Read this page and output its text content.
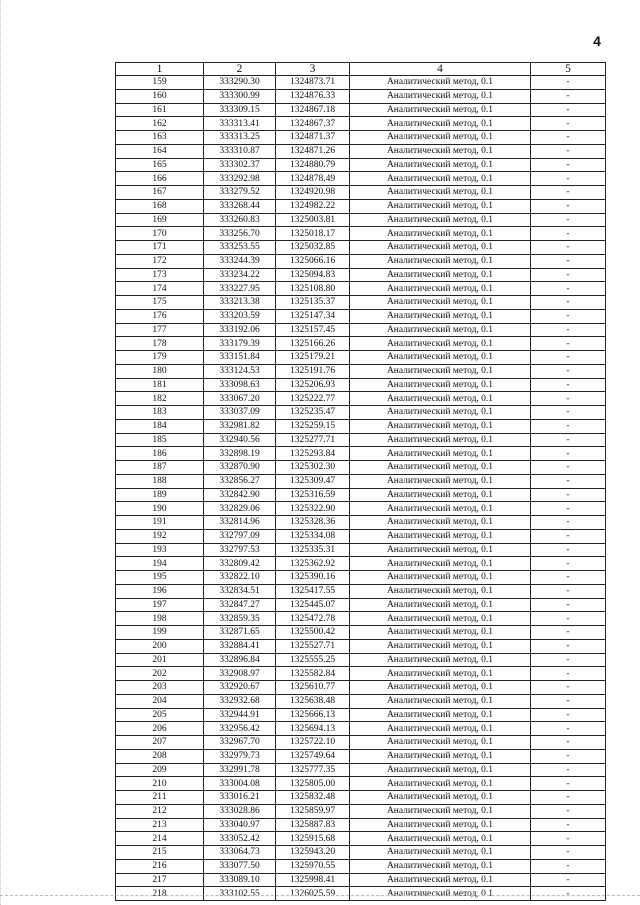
4
1	2	3	4	5
159	333290.30	1324873.71	Аналитический метод, 0.1	-
160	333300.99	1324876.33	Аналитический метод, 0.1	-
161	333309.15	1324867.18	Аналитический метод, 0.1	-
162	333313.41	1324867.37	Аналитический метод, 0.1	-
163	333313.25	1324871.37	Аналитический метод, 0.1	-
164	333310.87	1324871.26	Аналитический метод, 0.1	-
165	333302.37	1324880.79	Аналитический метод, 0.1	-
166	333292.98	1324878.49	Аналитический метод, 0.1	-
167	333279.52	1324920.98	Аналитический метод, 0.1	-
168	333268.44	1324982.22	Аналитический метод, 0.1	-
169	333260.83	1325003.81	Аналитический метод, 0.1	-
170	333256.70	1325018.17	Аналитический метод, 0.1	-
171	333253.55	1325032.85	Аналитический метод, 0.1	-
172	333244.39	1325066.16	Аналитический метод, 0.1	-
173	333234.22	1325094.83	Аналитический метод, 0.1	-
174	333227.95	1325108.80	Аналитический метод, 0.1	-
175	333213.38	1325135.37	Аналитический метод, 0.1	-
176	333203.59	1325147.34	Аналитический метод, 0.1	-
177	333192.06	1325157.45	Аналитический метод, 0.1	-
178	333179.39	1325166.26	Аналитический метод, 0.1	-
179	333151.84	1325179.21	Аналитический метод, 0.1	-
180	333124.53	1325191.76	Аналитический метод, 0.1	-
181	333098.63	1325206.93	Аналитический метод, 0.1	-
182	333067.20	1325222.77	Аналитический метод, 0.1	-
183	333037.09	1325235.47	Аналитический метод, 0.1	-
184	332981.82	1325259.15	Аналитический метод, 0.1	-
185	332940.56	1325277.71	Аналитический метод, 0.1	-
186	332898.19	1325293.84	Аналитический метод, 0.1	-
187	332870.90	1325302.30	Аналитический метод, 0.1	-
188	332856.27	1325309.47	Аналитический метод, 0.1	-
189	332842.90	1325316.59	Аналитический метод, 0.1	-
190	332829.06	1325322.90	Аналитический метод, 0.1	-
191	332814.96	1325328.36	Аналитический метод, 0.1	-
192	332797.09	1325334.08	Аналитический метод, 0.1	-
193	332797.53	1325335.31	Аналитический метод, 0.1	-
194	332809.42	1325362.92	Аналитический метод, 0.1	-
195	332822.10	1325390.16	Аналитический метод, 0.1	-
196	332834.51	1325417.55	Аналитический метод, 0.1	-
197	332847.27	1325445.07	Аналитический метод, 0.1	-
198	332859.35	1325472.78	Аналитический метод, 0.1	-
199	332871.65	1325500.42	Аналитический метод, 0.1	-
200	332884.41	1325527.71	Аналитический метод, 0.1	-
201	332896.84	1325555.25	Аналитический метод, 0.1	-
202	332908.97	1325582.84	Аналитический метод, 0.1	-
203	332920.67	1325610.77	Аналитический метод, 0.1	-
204	332932.68	1325638.48	Аналитический метод, 0.1	-
205	332944.91	1325666.13	Аналитический метод, 0.1	-
206	332956.42	1325694.13	Аналитический метод, 0.1	-
207	332967.70	1325722.10	Аналитический метод, 0.1	-
208	332979.73	1325749.64	Аналитический метод, 0.1	-
209	332991.78	1325777.35	Аналитический метод, 0.1	-
210	333004.08	1325805.00	Аналитический метод, 0.1	-
211	333016.21	1325832.48	Аналитический метод, 0.1	-
212	333028.86	1325859.97	Аналитический метод, 0.1	-
213	333040.97	1325887.83	Аналитический метод, 0.1	-
214	333052.42	1325915.68	Аналитический метод, 0.1	-
215	333064.73	1325943.20	Аналитический метод, 0.1	-
216	333077.50	1325970.55	Аналитический метод, 0.1	-
217	333089.10	1325998.41	Аналитический метод, 0.1	-
218	333102.55	1326025.59	Аналитический метод, 0.1	-
